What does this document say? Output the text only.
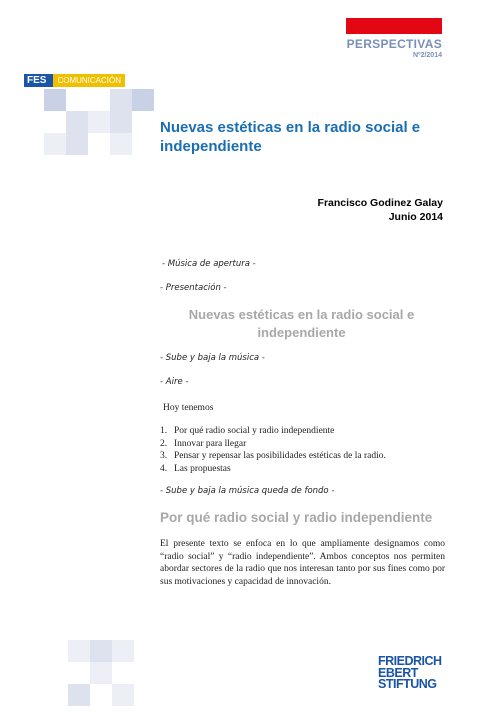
PERSPECTIVAS
Nº2/2014
FES	COMUNICACIÓN
Nuevas estéticas en la radio social e independiente
Francisco Godinez Galay
Junio 2014
- Música de apertura -
- Presentación -
Nuevas estéticas en la radio social e independiente
- Sube y baja la música -
- Aire -
Hoy tenemos
1. Por qué radio social y radio independiente
2. Innovar para llegar
3. Pensar y repensar las posibilidades estéticas de la radio.
4. Las propuestas
- Sube y baja la música queda de fondo -
Por qué radio social y radio independiente
El presente texto se enfoca en lo que ampliamente designamos como “radio social” y “radio independiente”. Ambos conceptos nos permiten abordar sectores de la radio que nos interesan tanto por sus fines como por sus motivaciones y capacidad de innovación.
FRIEDRICH
EBERT
STIFTUNG
